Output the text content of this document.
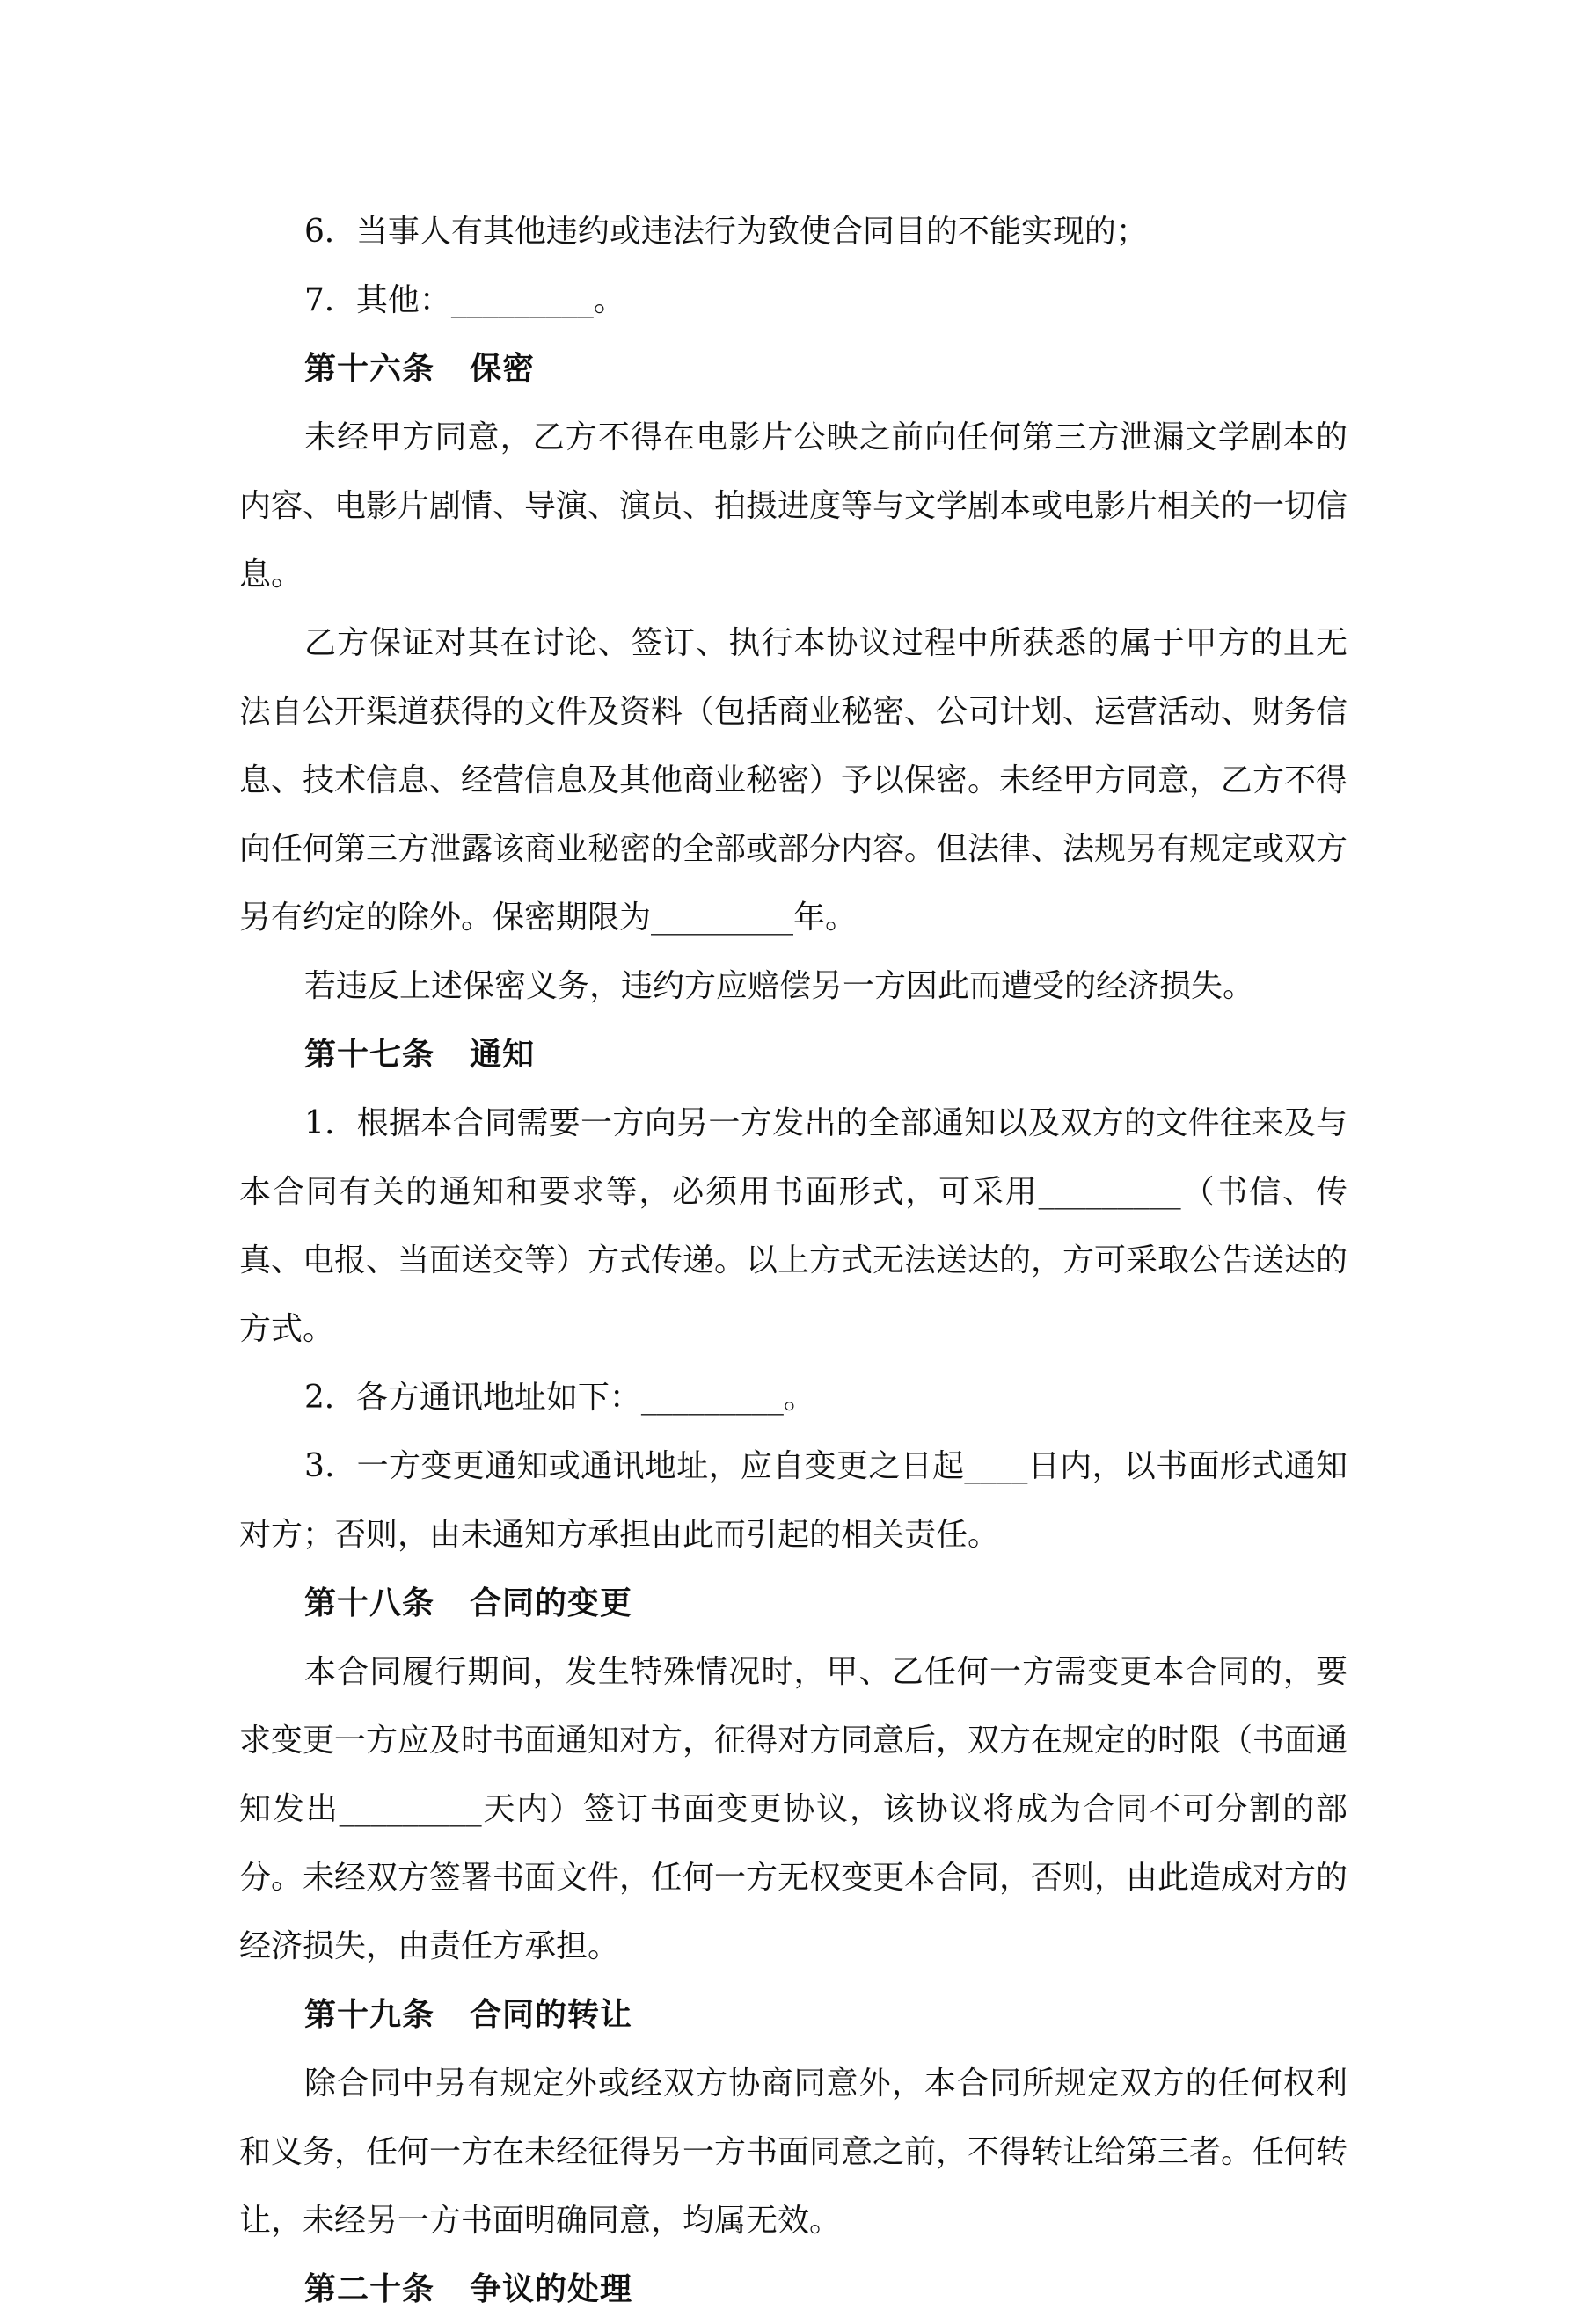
6．当事人有其他违约或违法行为致使合同目的不能实现的；

7．其他：_________。

第十六条 保密

未经甲方同意，乙方不得在电影片公映之前向任何第三方泄漏文学剧本的内容、电影片剧情、导演、演员、拍摄进度等与文学剧本或电影片相关的一切信息。

乙方保证对其在讨论、签订、执行本协议过程中所获悉的属于甲方的且无法自公开渠道获得的文件及资料（包括商业秘密、公司计划、运营活动、财务信息、技术信息、经营信息及其他商业秘密）予以保密。未经甲方同意，乙方不得向任何第三方泄露该商业秘密的全部或部分内容。但法律、法规另有规定或双方另有约定的除外。保密期限为_________年。

若违反上述保密义务，违约方应赔偿另一方因此而遭受的经济损失。

第十七条 通知

1．根据本合同需要一方向另一方发出的全部通知以及双方的文件往来及与本合同有关的通知和要求等，必须用书面形式，可采用_________（书信、传真、电报、当面送交等）方式传递。以上方式无法送达的，方可采取公告送达的方式。

2．各方通讯地址如下：_________。

3．一方变更通知或通讯地址，应自变更之日起____日内，以书面形式通知对方；否则，由未通知方承担由此而引起的相关责任。

第十八条 合同的变更

本合同履行期间，发生特殊情况时，甲、乙任何一方需变更本合同的，要求变更一方应及时书面通知对方，征得对方同意后，双方在规定的时限（书面通知发出_________天内）签订书面变更协议，该协议将成为合同不可分割的部分。未经双方签署书面文件，任何一方无权变更本合同，否则，由此造成对方的经济损失，由责任方承担。

第十九条 合同的转让

除合同中另有规定外或经双方协商同意外，本合同所规定双方的任何权利和义务，任何一方在未经征得另一方书面同意之前，不得转让给第三者。任何转让，未经另一方书面明确同意，均属无效。

第二十条 争议的处理
